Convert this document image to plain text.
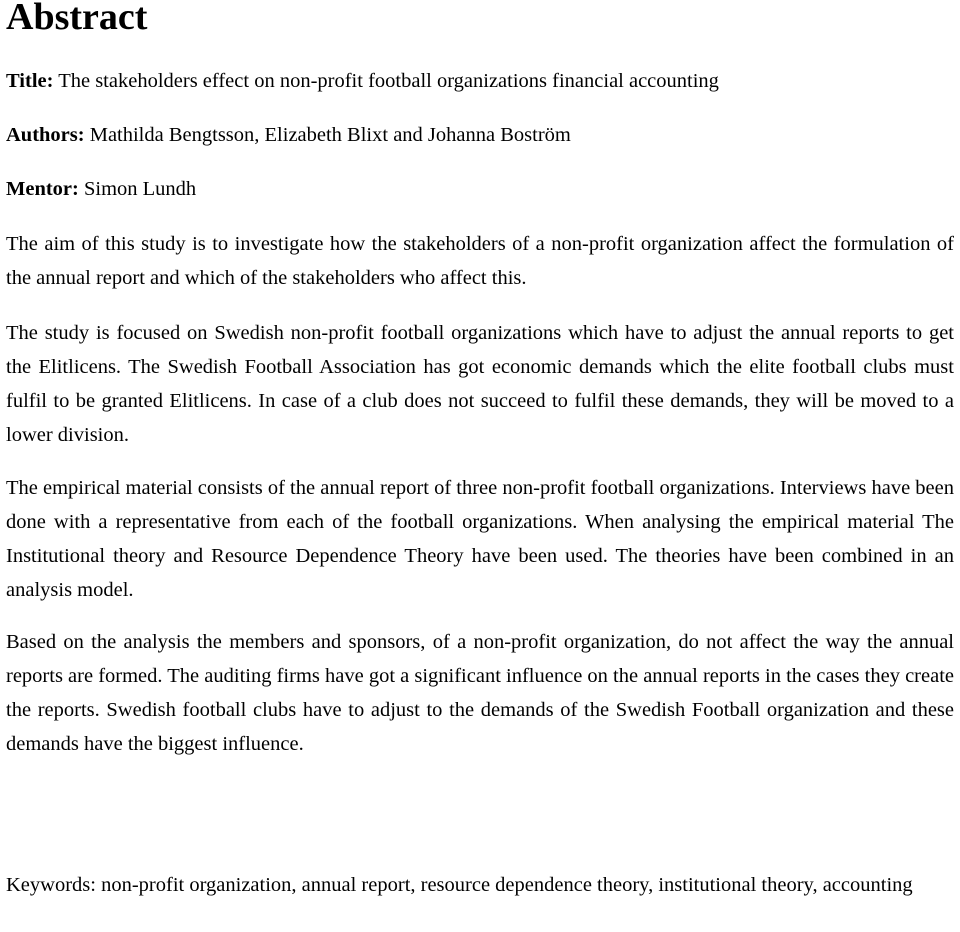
Abstract

Title: The stakeholders effect on non-profit football organizations financial accounting

Authors: Mathilda Bengtsson, Elizabeth Blixt and Johanna Boström

Mentor: Simon Lundh

The aim of this study is to investigate how the stakeholders of a non-profit organization affect the formulation of the annual report and which of the stakeholders who affect this.

The study is focused on Swedish non-profit football organizations which have to adjust the annual reports to get the Elitlicens. The Swedish Football Association has got economic demands which the elite football clubs must fulfil to be granted Elitlicens. In case of a club does not succeed to fulfil these demands, they will be moved to a lower division.

The empirical material consists of the annual report of three non-profit football organizations. Interviews have been done with a representative from each of the football organizations. When analysing the empirical material The Institutional theory and Resource Dependence Theory have been used. The theories have been combined in an analysis model.

Based on the analysis the members and sponsors, of a non-profit organization, do not affect the way the annual reports are formed. The auditing firms have got a significant influence on the annual reports in the cases they create the reports. Swedish football clubs have to adjust to the demands of the Swedish Football organization and these demands have the biggest influence.

Keywords: non-profit organization, annual report, resource dependence theory, institutional theory, accounting
